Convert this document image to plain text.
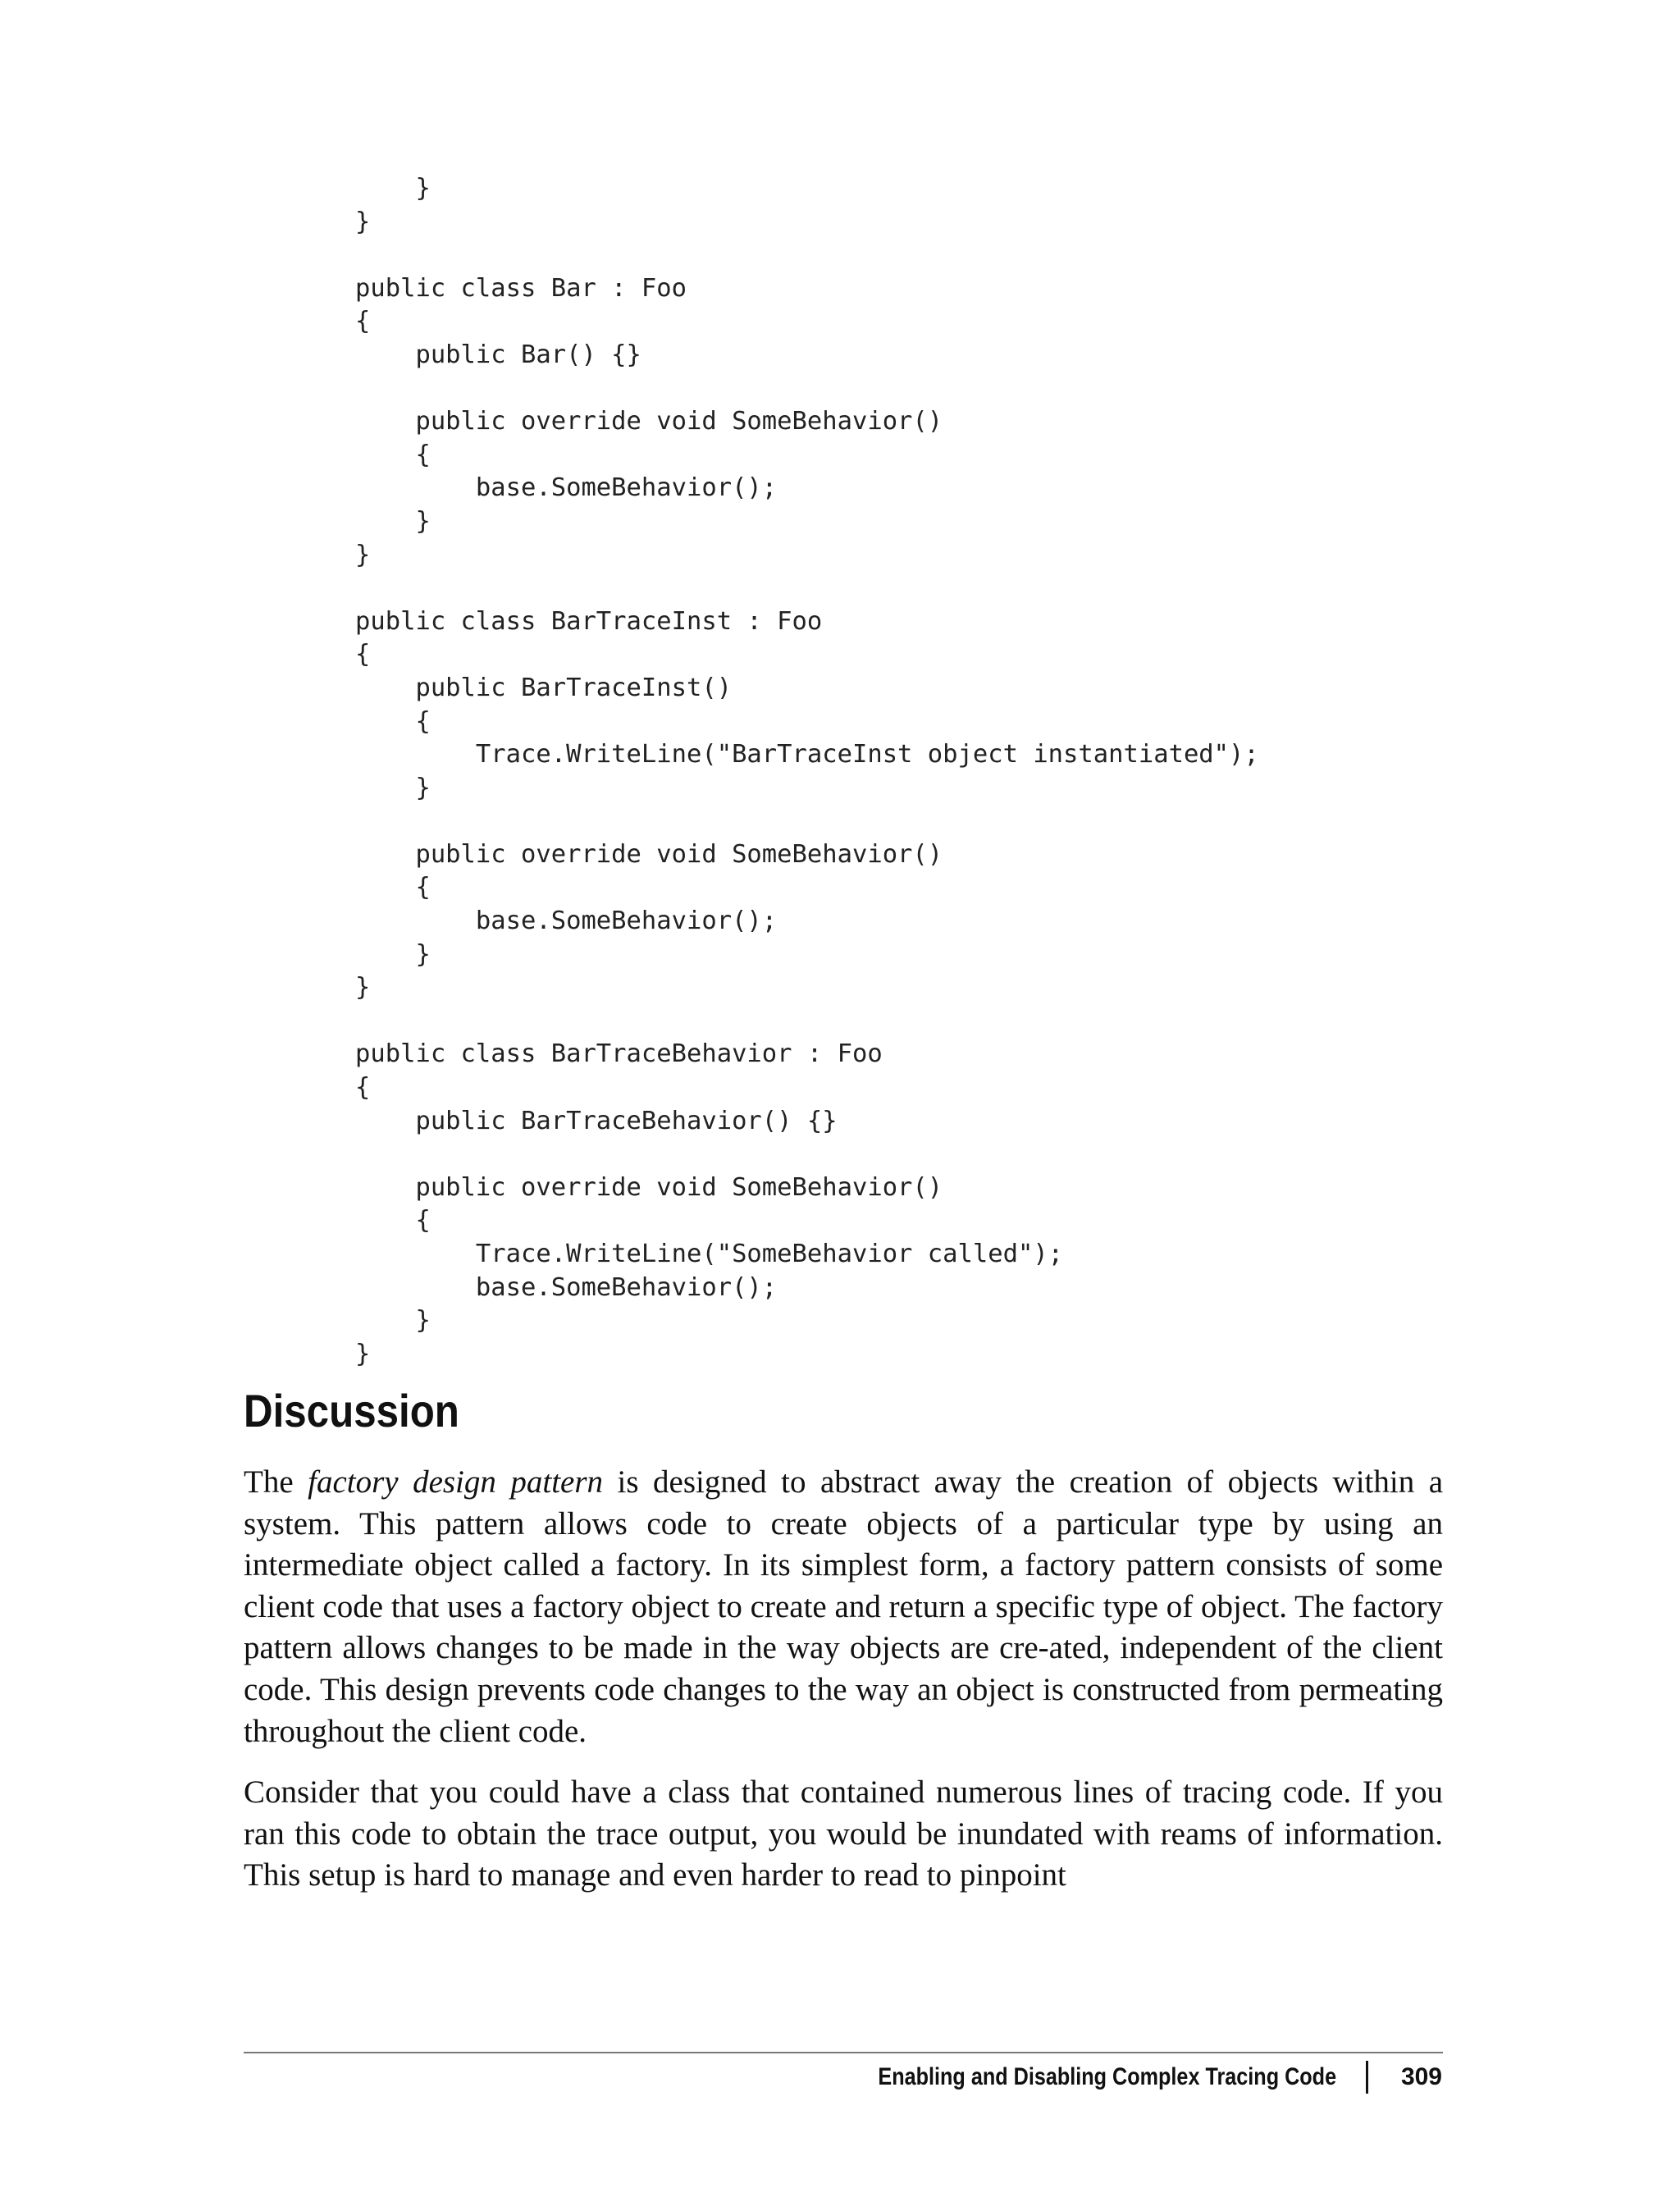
}
}
public class Bar : Foo
{
public Bar() {}
public override void SomeBehavior()
{
base.SomeBehavior();
}
}
public class BarTraceInst : Foo
{
public BarTraceInst()
{
Trace.WriteLine("BarTraceInst object instantiated");
}
public override void SomeBehavior()
{
base.SomeBehavior();
}
}
public class BarTraceBehavior : Foo
{
public BarTraceBehavior() {}
public override void SomeBehavior()
{
Trace.WriteLine("SomeBehavior called");
base.SomeBehavior();
}
}
Discussion

The factory design pattern is designed to abstract away the creation of objects within a system. This pattern allows code to create objects of a particular type by using an intermediate object called a factory. In its simplest form, a factory pattern consists of some client code that uses a factory object to create and return a specific type of object. The factory pattern allows changes to be made in the way objects are cre-ated, independent of the client code. This design prevents code changes to the way an object is constructed from permeating throughout the client code.

Consider that you could have a class that contained numerous lines of tracing code. If you ran this code to obtain the trace output, you would be inundated with reams of information. This setup is hard to manage and even harder to read to pinpoint

Enabling and Disabling Complex Tracing Code	309
